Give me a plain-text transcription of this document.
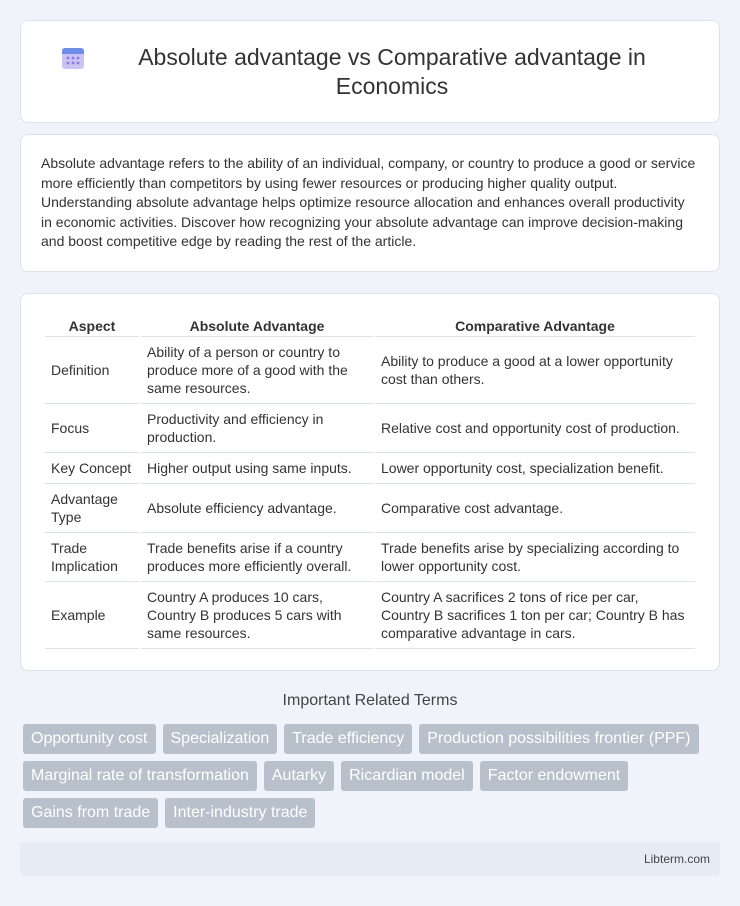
Absolute advantage vs Comparative advantage in Economics

Absolute advantage refers to the ability of an individual, company, or country to produce a good or service more efficiently than competitors by using fewer resources or producing higher quality output. Understanding absolute advantage helps optimize resource allocation and enhances overall productivity in economic activities. Discover how recognizing your absolute advantage can improve decision-making and boost competitive edge by reading the rest of the article.

Aspect	Absolute Advantage	Comparative Advantage
Definition	Ability of a person or country to produce more of a good with the same resources.	Ability to produce a good at a lower opportunity cost than others.
Focus	Productivity and efficiency in production.	Relative cost and opportunity cost of production.
Key Concept	Higher output using same inputs.	Lower opportunity cost, specialization benefit.
Advantage Type	Absolute efficiency advantage.	Comparative cost advantage.
Trade Implication	Trade benefits arise if a country produces more efficiently overall.	Trade benefits arise by specializing according to lower opportunity cost.
Example	Country A produces 10 cars, Country B produces 5 cars with same resources.	Country A sacrifices 2 tons of rice per car, Country B sacrifices 1 ton per car; Country B has comparative advantage in cars.
Important Related Terms
Opportunity cost	Specialization	Trade efficiency	Production possibilities frontier (PPF)
Marginal rate of transformation	Autarky	Ricardian model	Factor endowment
Gains from trade	Inter-industry trade
Libterm.com
